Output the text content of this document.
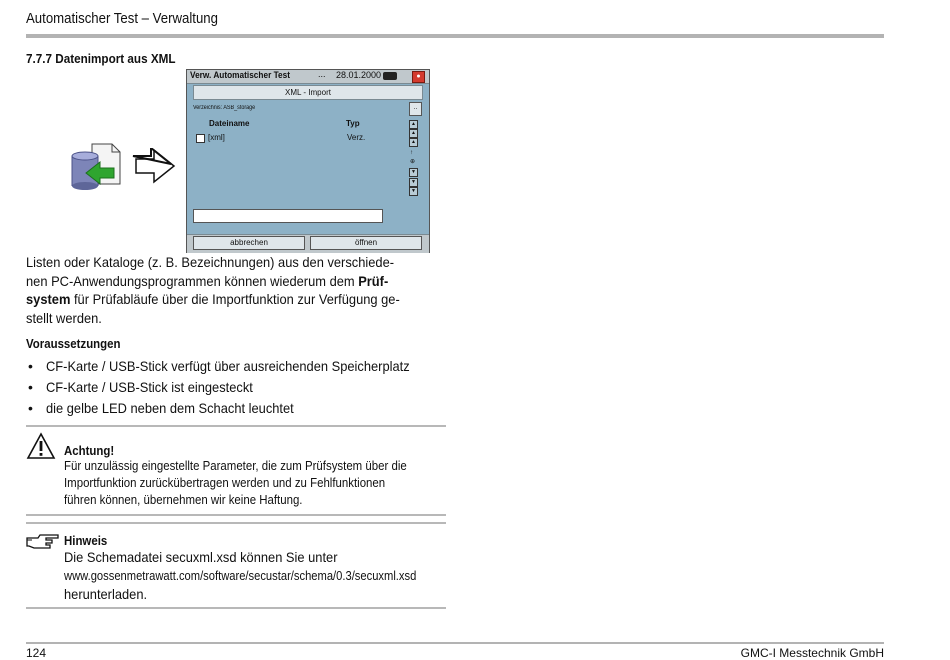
Automatischer Test – Verwaltung
7.7.7 Datenimport aus XML
Verw. Automatischer Test	... 28.01.2000	●
XML - Import
Verzeichnis: ASB_storage	..
Dateiname	Typ
[xml]	Verz.
▲
▲
▲
↑
⊕
▼
▼
▼
abbrechen	öffnen
Listen oder Kataloge (z. B. Bezeichnungen) aus den verschiede-
nen PC-Anwendungsprogrammen können wiederum dem Prüf-
system für Prüfabläufe über die Importfunktion zur Verfügung ge-
stellt werden.
Voraussetzungen
• CF-Karte / USB-Stick verfügt über ausreichenden Speicherplatz
• CF-Karte / USB-Stick ist eingesteckt
• die gelbe LED neben dem Schacht leuchtet
Achtung!
Für unzulässig eingestellte Parameter, die zum Prüfsystem über die
Importfunktion zurückübertragen werden und zu Fehlfunktionen
führen können, übernehmen wir keine Haftung.
Hinweis
Die Schemadatei secuxml.xsd können Sie unter
www.gossenmetrawatt.com/software/secustar/schema/0.3/secuxml.xsd
herunterladen.
124	GMC-I Messtechnik GmbH
